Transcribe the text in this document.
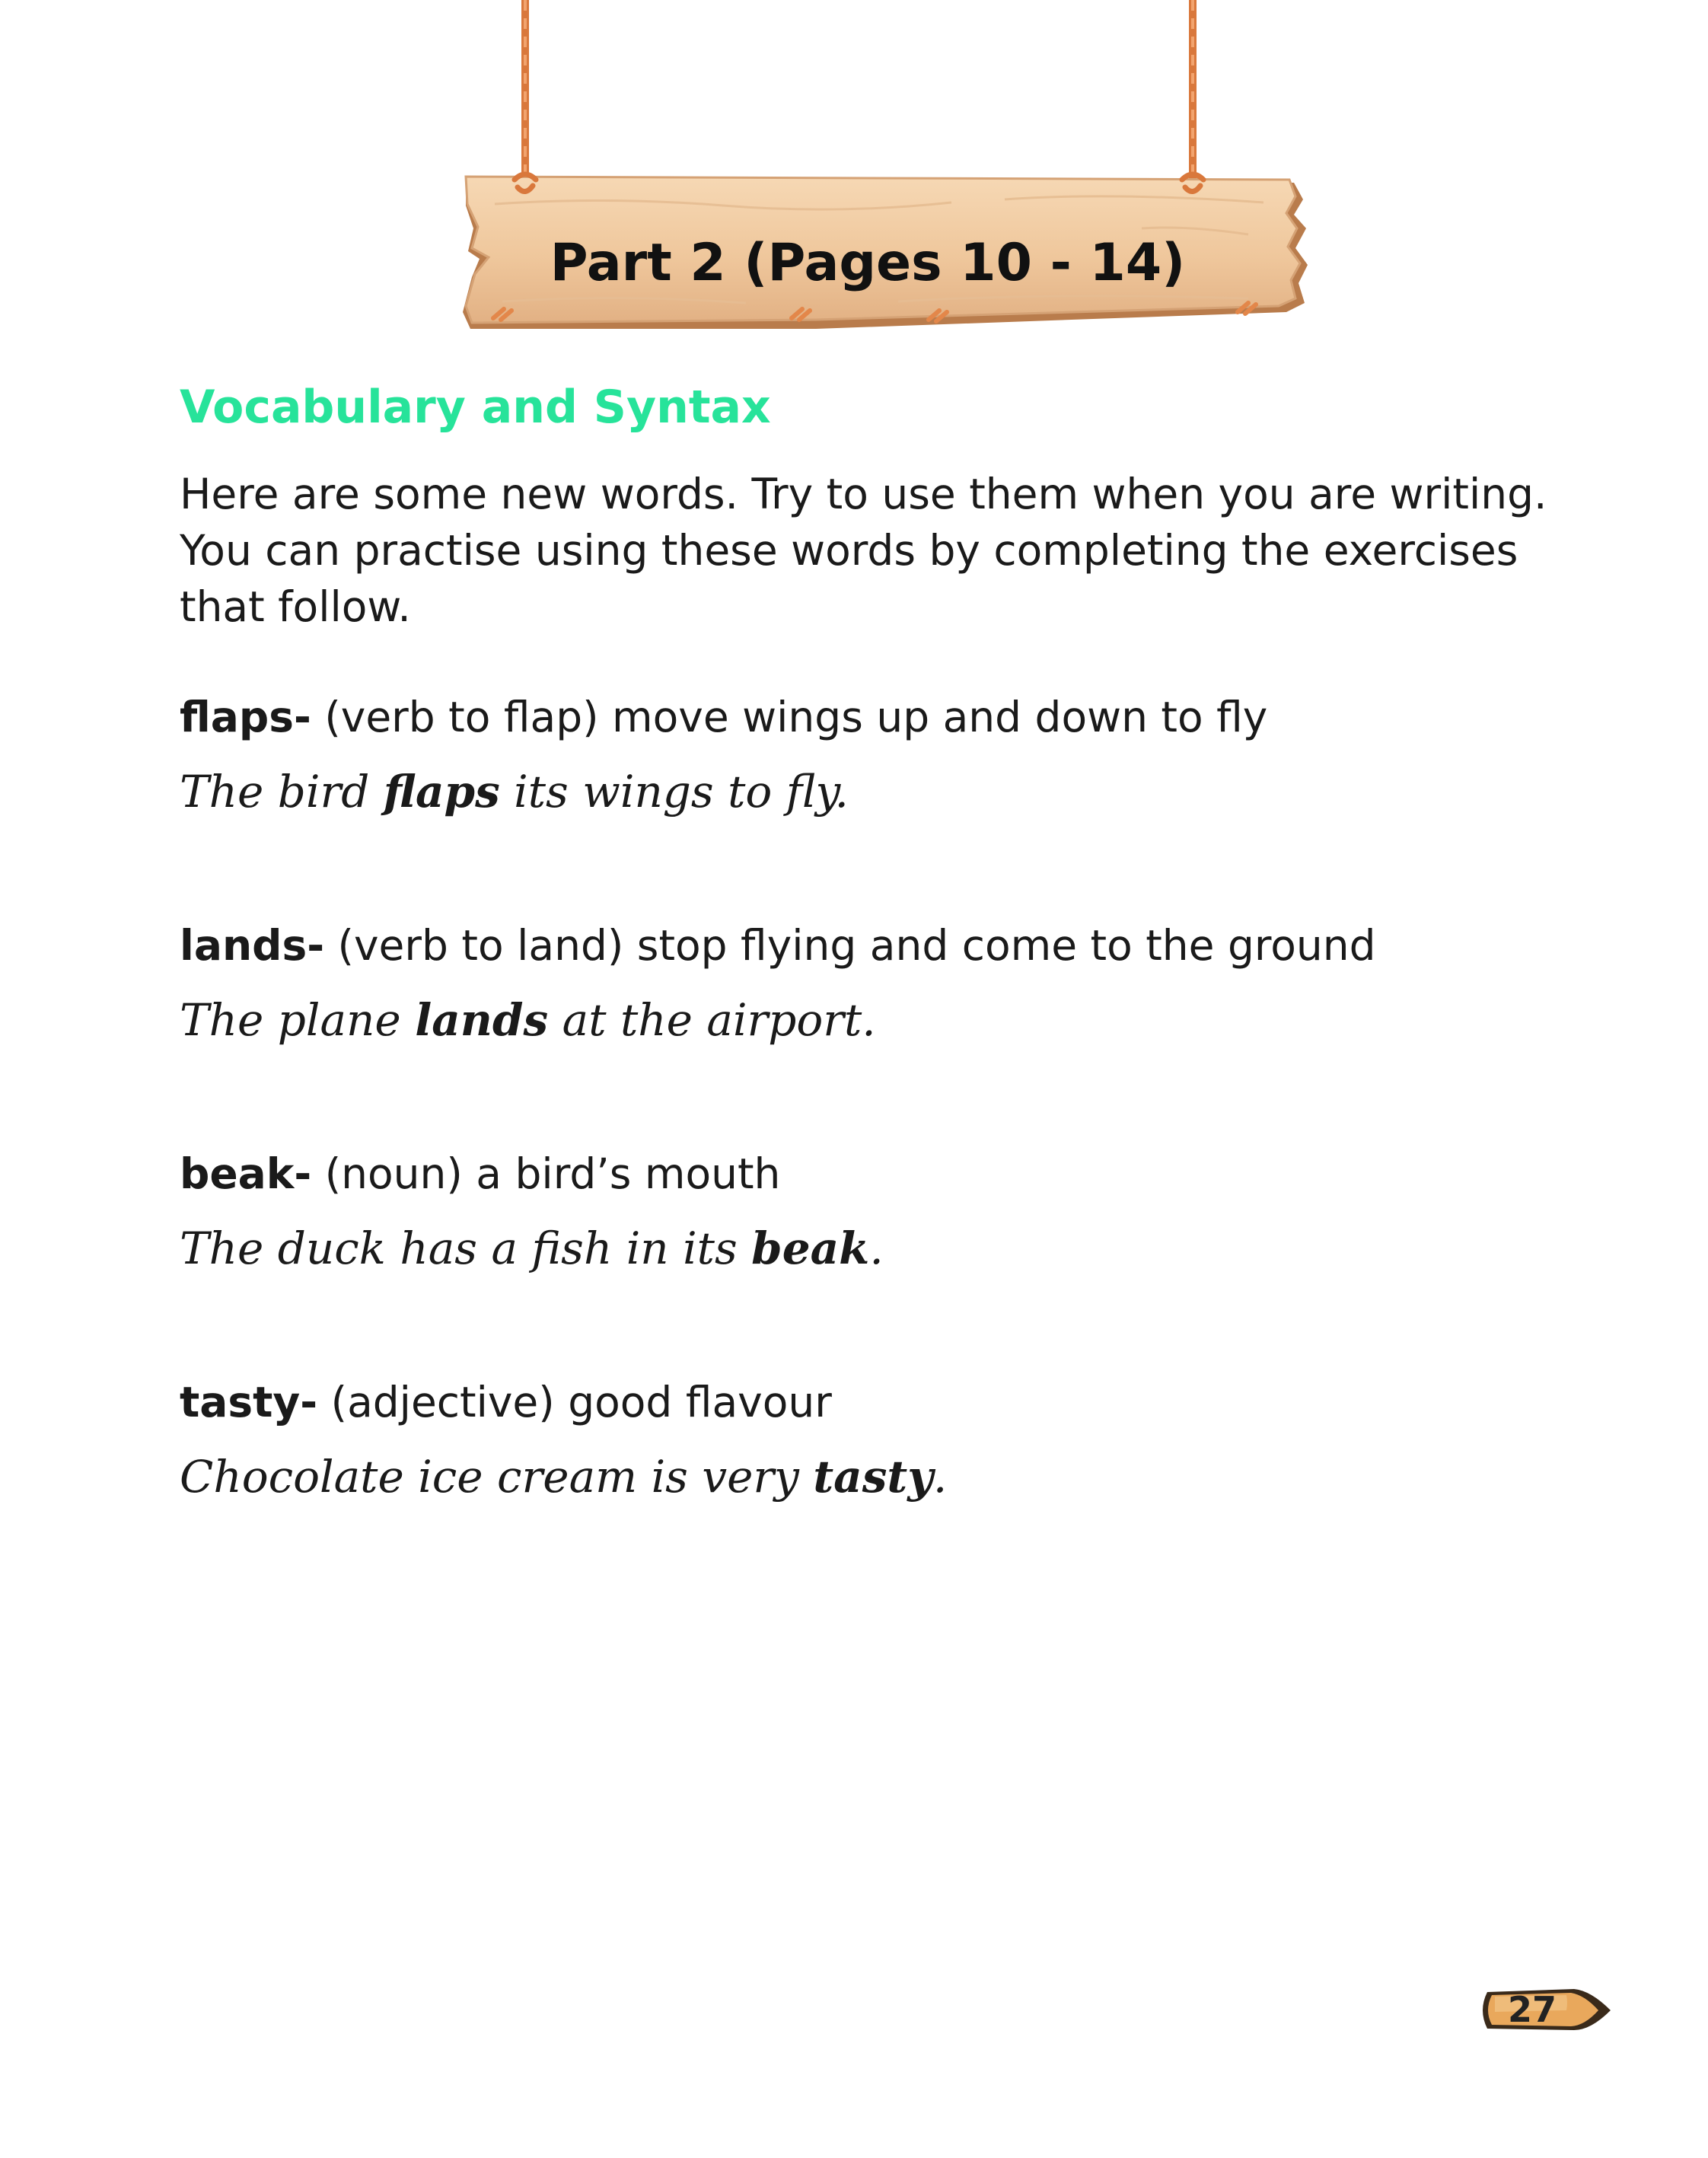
Part 2 (Pages 10 - 14)
Vocabulary and Syntax

Here are some new words. Try to use them when you are writing.
You can practise using these words by completing the exercises
that follow.

flaps- (verb to flap) move wings up and down to fly
The bird flaps its wings to fly.
lands- (verb to land) stop flying and come to the ground
The plane lands at the airport.
beak- (noun) a bird’s mouth
The duck has a fish in its beak.
tasty- (adjective) good flavour
Chocolate ice cream is very tasty.
27
